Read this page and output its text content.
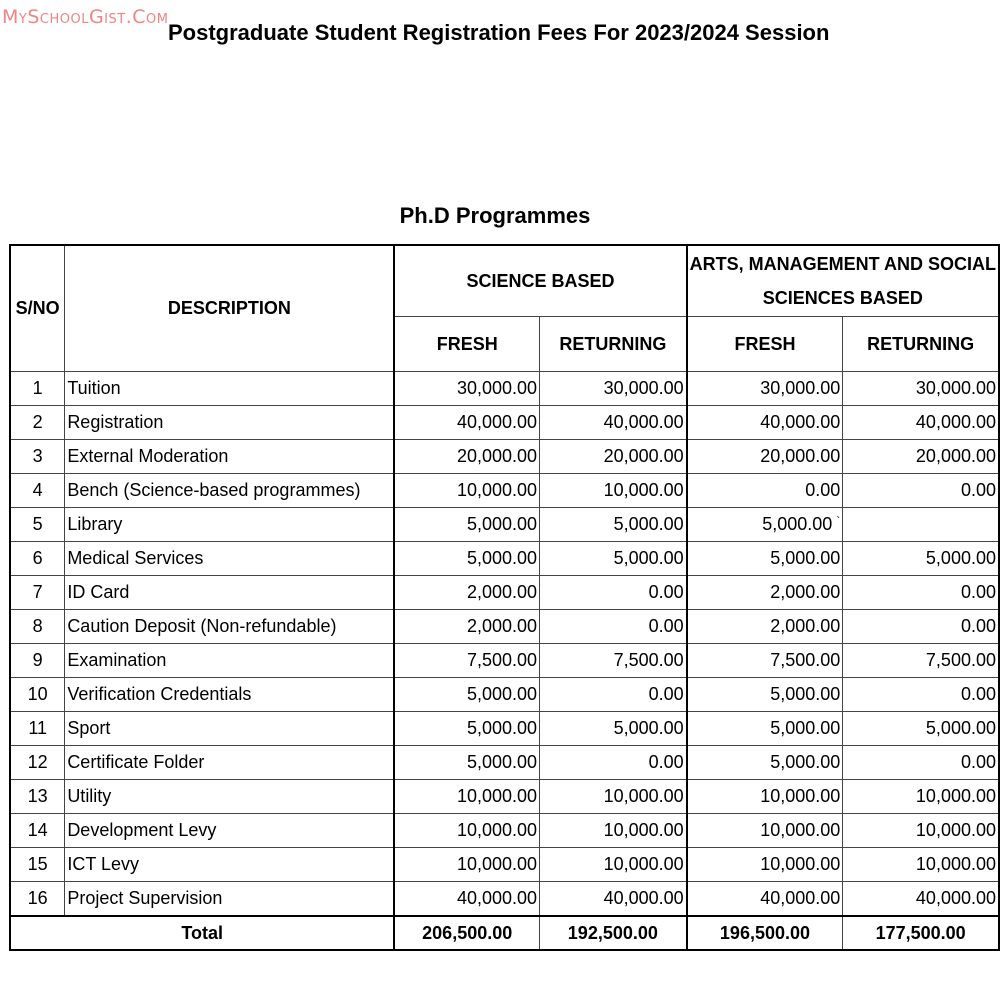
MySchoolGist.Com
Postgraduate Student Registration Fees For 2023/2024 Session
Ph.D Programmes
S/NO	DESCRIPTION	SCIENCE BASED		ARTS, MANAGEMENT AND SOCIAL
SCIENCES BASED	

		FRESH	RETURNING	FRESH	RETURNING
1	Tuition	30,000.00	30,000.00	30,000.00	30,000.00
2	Registration	40,000.00	40,000.00	40,000.00	40,000.00
3	External Moderation	20,000.00	20,000.00	20,000.00	20,000.00
4	Bench (Science-based programmes)	10,000.00	10,000.00	0.00	0.00
5	Library	5,000.00	5,000.00	5,000.00 `	
6	Medical Services	5,000.00	5,000.00	5,000.00	5,000.00
7	ID Card	2,000.00	0.00	2,000.00	0.00
8	Caution Deposit (Non-refundable)	2,000.00	0.00	2,000.00	0.00
9	Examination	7,500.00	7,500.00	7,500.00	7,500.00
10	Verification Credentials	5,000.00	0.00	5,000.00	0.00
11	Sport	5,000.00	5,000.00	5,000.00	5,000.00
12	Certificate Folder	5,000.00	0.00	5,000.00	0.00
13	Utility	10,000.00	10,000.00	10,000.00	10,000.00
14	Development Levy	10,000.00	10,000.00	10,000.00	10,000.00
15	ICT Levy	10,000.00	10,000.00	10,000.00	10,000.00
16	Project Supervision	40,000.00	40,000.00	40,000.00	40,000.00
Total		206,500.00	192,500.00	196,500.00	177,500.00
